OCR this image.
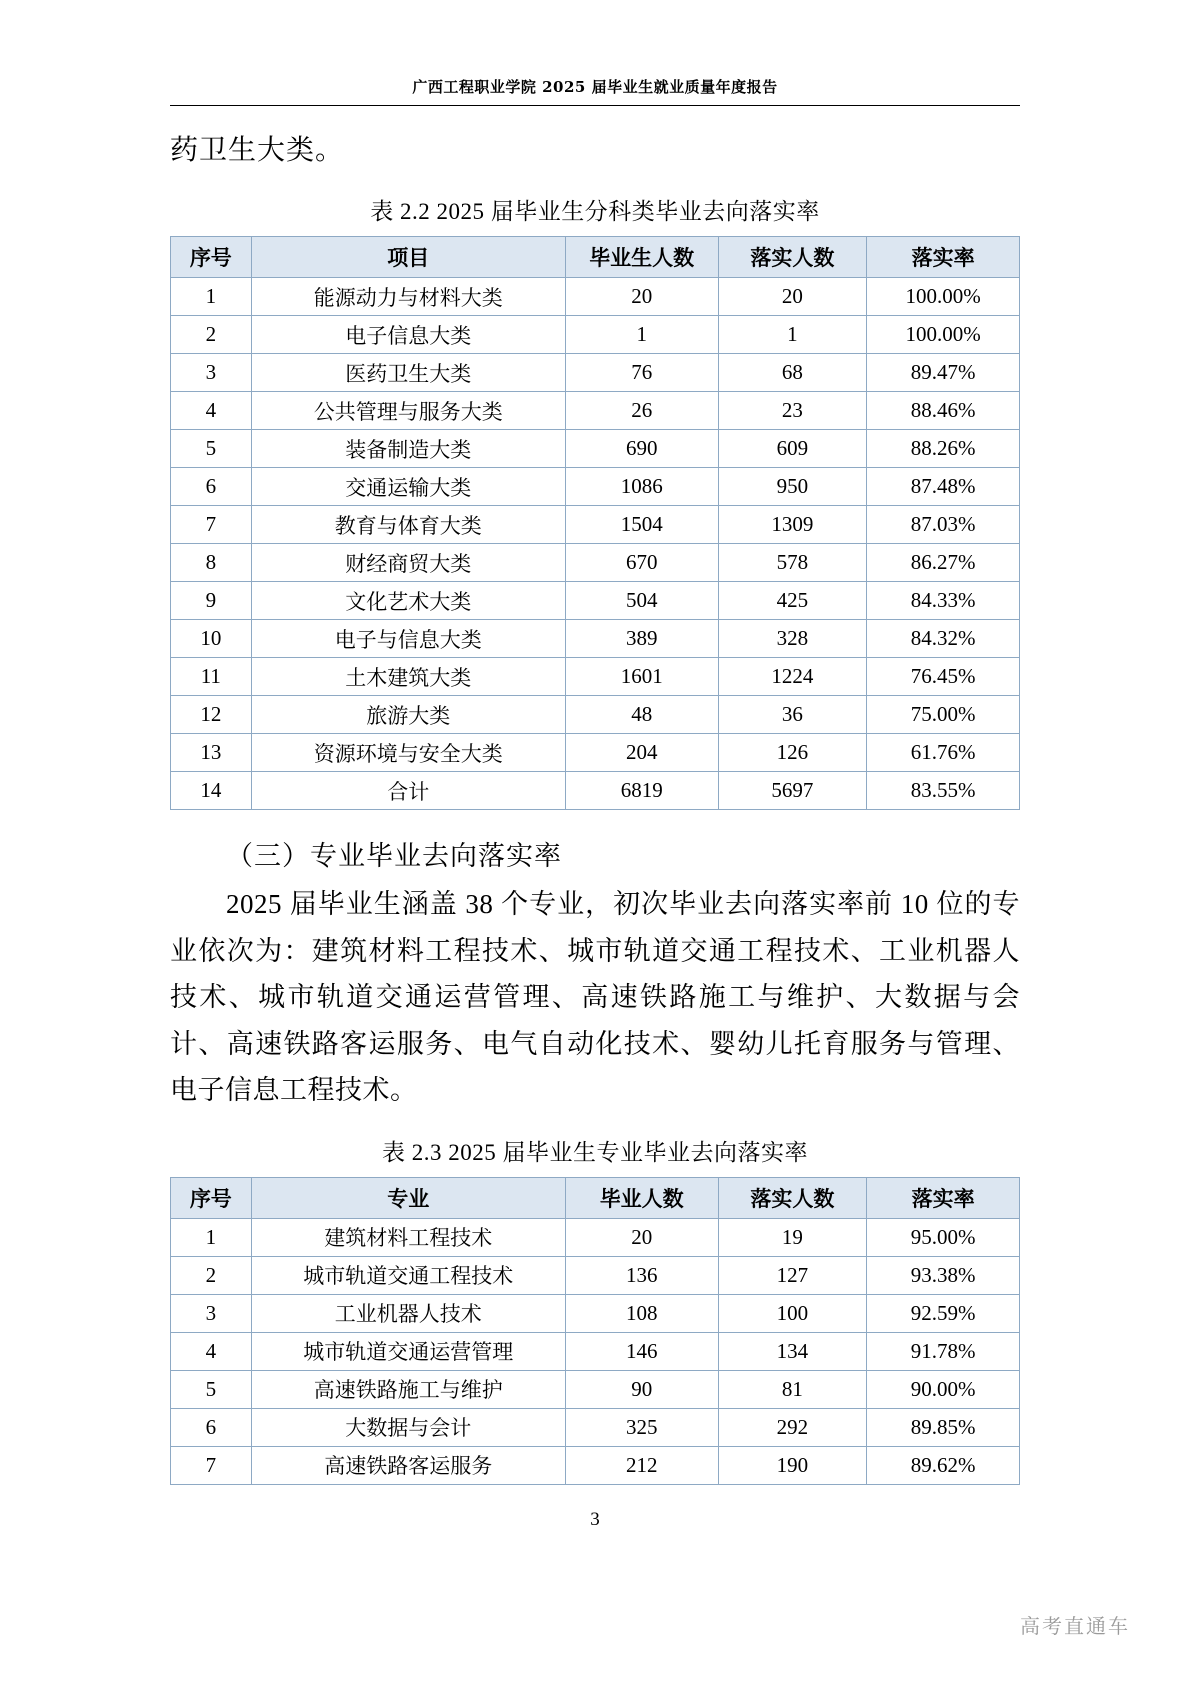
广西工程职业学院 2025 届毕业生就业质量年度报告
药卫生大类。
表 2.2 2025 届毕业生分科类毕业去向落实率
序号	项目	毕业生人数	落实人数	落实率
1	能源动力与材料大类	20	20	100.00%
2	电子信息大类	1	1	100.00%
3	医药卫生大类	76	68	89.47%
4	公共管理与服务大类	26	23	88.46%
5	装备制造大类	690	609	88.26%
6	交通运输大类	1086	950	87.48%
7	教育与体育大类	1504	1309	87.03%
8	财经商贸大类	670	578	86.27%
9	文化艺术大类	504	425	84.33%
10	电子与信息大类	389	328	84.32%
11	土木建筑大类	1601	1224	76.45%
12	旅游大类	48	36	75.00%
13	资源环境与安全大类	204	126	61.76%
14	合计	6819	5697	83.55%
（三）专业毕业去向落实率
2025 届毕业生涵盖 38 个专业，初次毕业去向落实率前 10 位的专业依次为：建筑材料工程技术、城市轨道交通工程技术、工业机器人技术、城市轨道交通运营管理、高速铁路施工与维护、大数据与会计、高速铁路客运服务、电气自动化技术、婴幼儿托育服务与管理、电子信息工程技术。
表 2.3 2025 届毕业生专业毕业去向落实率
序号	专业	毕业人数	落实人数	落实率
1	建筑材料工程技术	20	19	95.00%
2	城市轨道交通工程技术	136	127	93.38%
3	工业机器人技术	108	100	92.59%
4	城市轨道交通运营管理	146	134	91.78%
5	高速铁路施工与维护	90	81	90.00%
6	大数据与会计	325	292	89.85%
7	高速铁路客运服务	212	190	89.62%
3
高考直通车
